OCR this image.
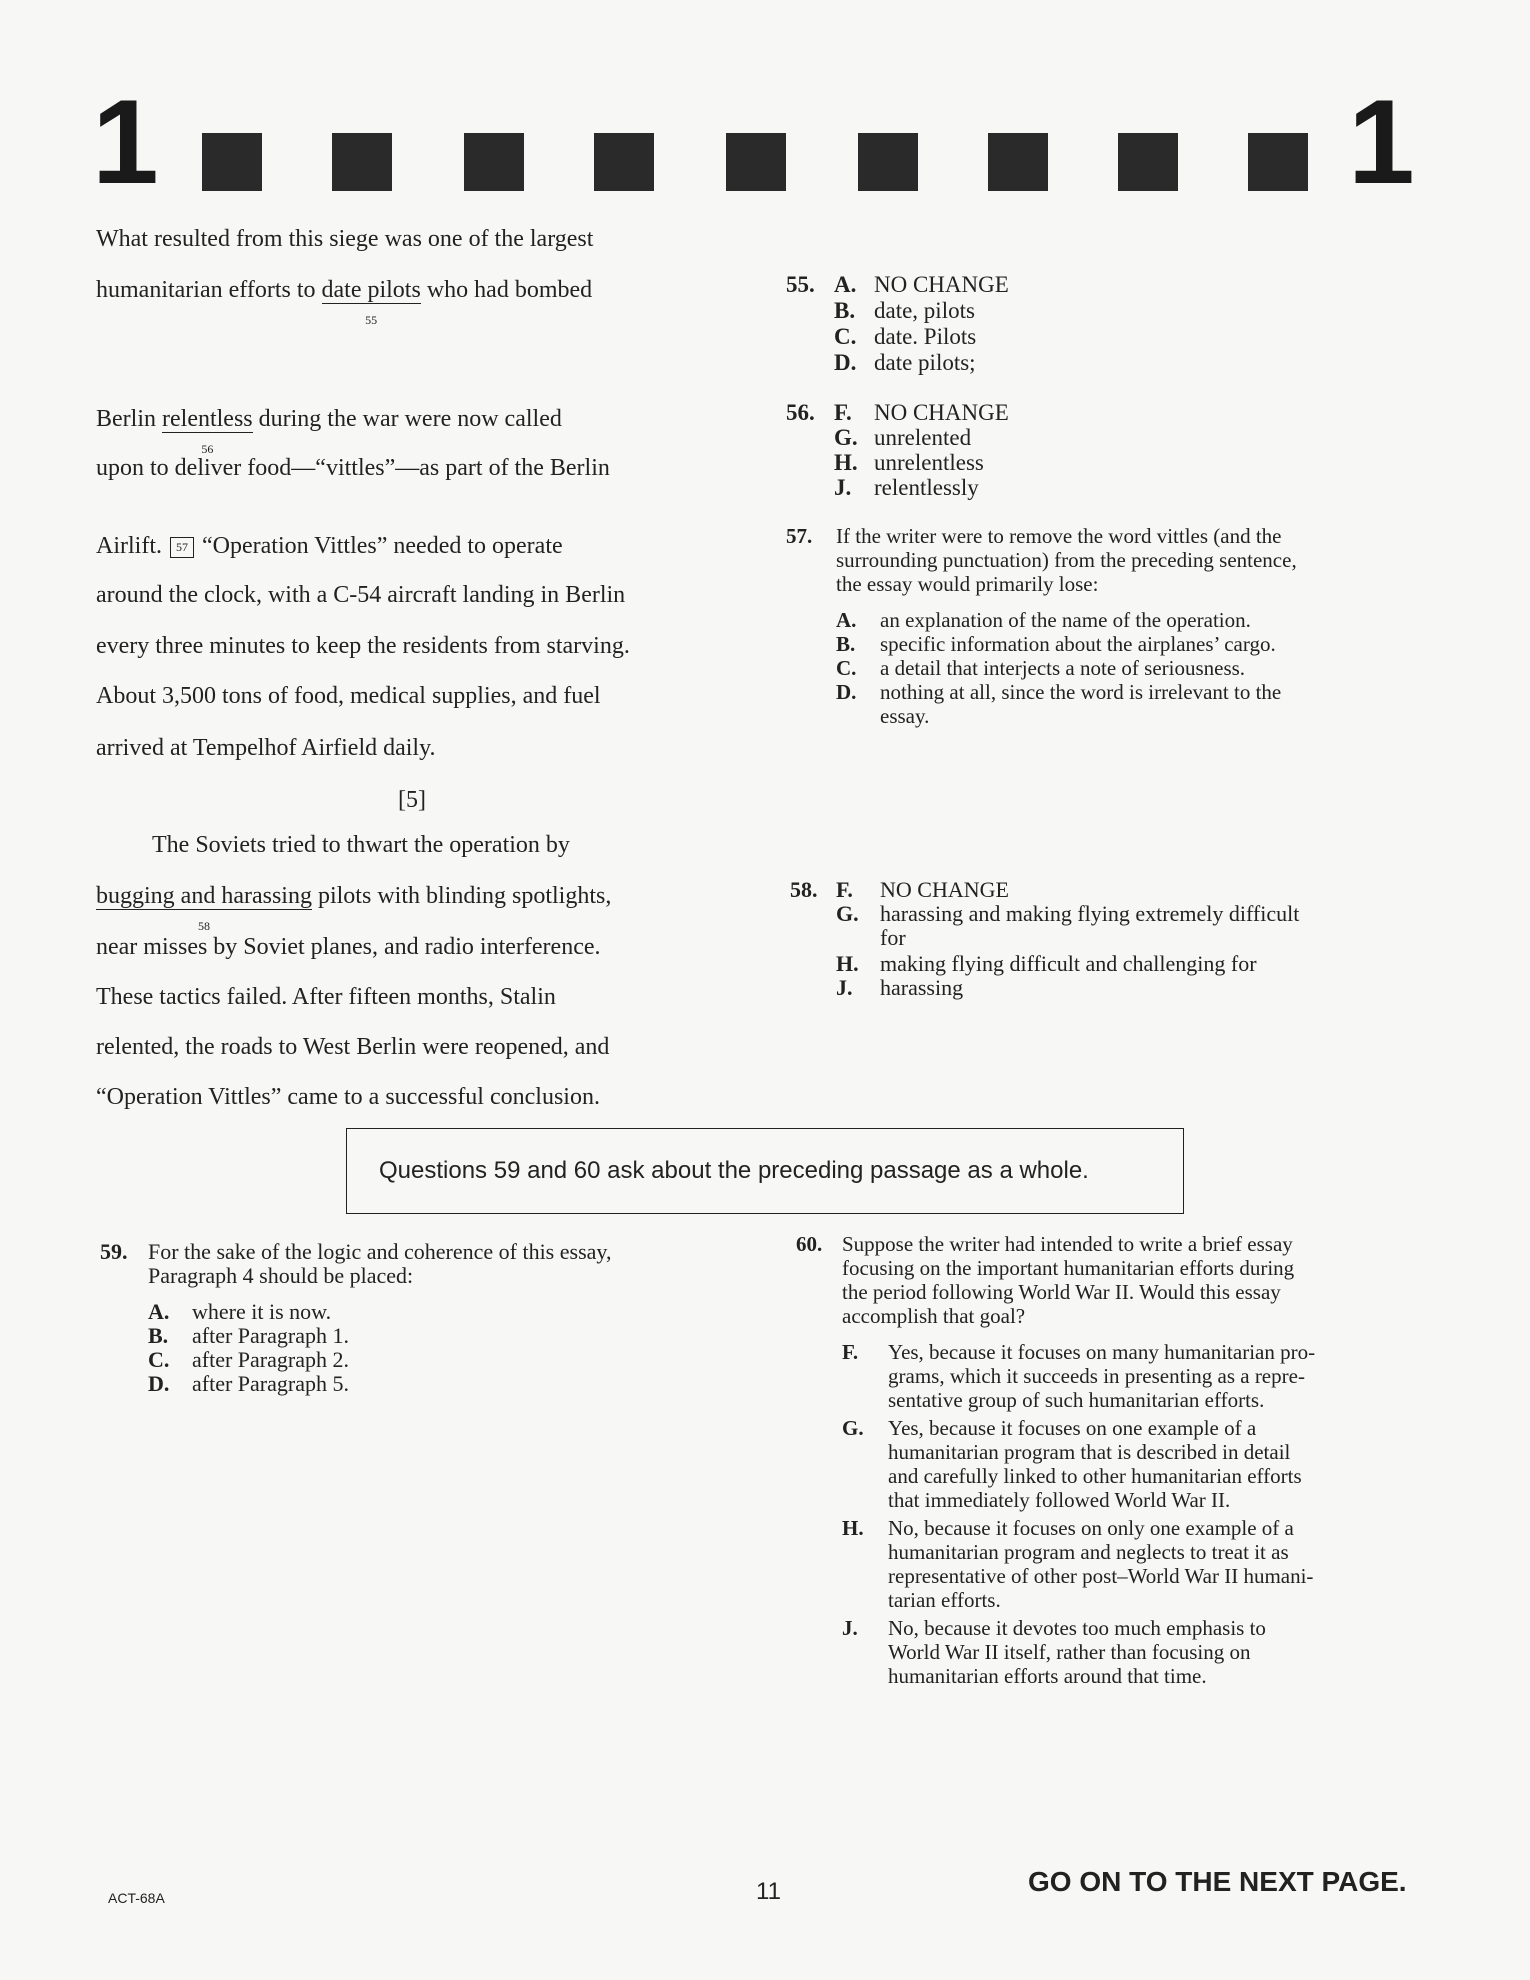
1	1
What resulted from this siege was one of the largest
humanitarian efforts to date pilots
55
who had bombed
Berlin relentless
56
during the war were now called
upon to deliver food—“vittles”—as part of the Berlin
Airlift. 57 “Operation Vittles” needed to operate
around the clock, with a C-54 aircraft landing in Berlin
every three minutes to keep the residents from starving.
About 3,500 tons of food, medical supplies, and fuel
arrived at Tempelhof Airfield daily.
The Soviets tried to thwart the operation by
bugging and harassing
58
pilots with blinding spotlights,
near misses by Soviet planes, and radio interference.
These tactics failed. After fifteen months, Stalin
relented, the roads to West Berlin were reopened, and
“Operation Vittles” came to a successful conclusion.
[5]
55. A. NO CHANGE
B. date, pilots
C. date. Pilots
D. date pilots;
56. F. NO CHANGE
G. unrelented
H. unrelentless
J. relentlessly
57. If the writer were to remove the word vittles (and the
surrounding punctuation) from the preceding sentence,
the essay would primarily lose:
A. an explanation of the name of the operation.
B. specific information about the airplanes’ cargo.
C. a detail that interjects a note of seriousness.
D. nothing at all, since the word is irrelevant to the
essay.
58. F. NO CHANGE
G. harassing and making flying extremely difficult
for
H. making flying difficult and challenging for
J. harassing
Questions 59 and 60 ask about the preceding passage as a whole.
59. For the sake of the logic and coherence of this essay,
Paragraph 4 should be placed:
A. where it is now.
B. after Paragraph 1.
C. after Paragraph 2.
D. after Paragraph 5.
60. Suppose the writer had intended to write a brief essay
focusing on the important humanitarian efforts during
the period following World War II. Would this essay
accomplish that goal?
F. Yes, because it focuses on many humanitarian pro-
grams, which it succeeds in presenting as a repre-
sentative group of such humanitarian efforts.
G. Yes, because it focuses on one example of a
humanitarian program that is described in detail
and carefully linked to other humanitarian efforts
that immediately followed World War II.
H. No, because it focuses on only one example of a
humanitarian program and neglects to treat it as
representative of other post–World War II humani-
tarian efforts.
J. No, because it devotes too much emphasis to
World War II itself, rather than focusing on
humanitarian efforts around that time.
ACT-68A	11	GO ON TO THE NEXT PAGE.
